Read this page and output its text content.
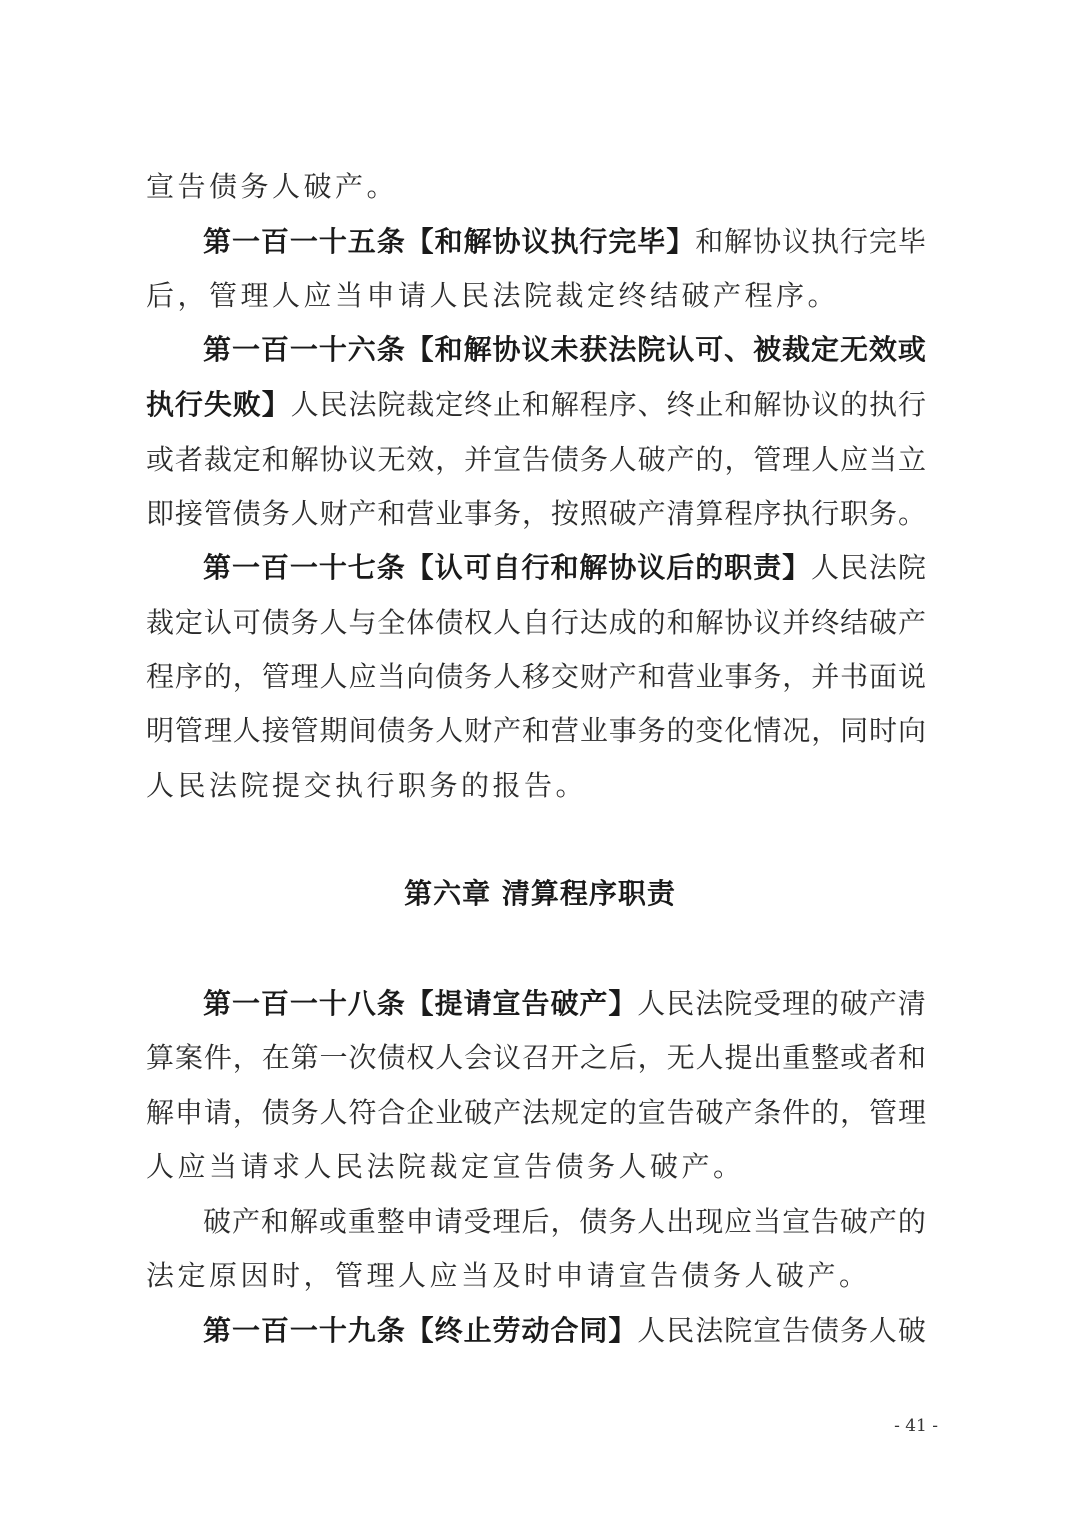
宣告债务人破产。
第 一 百 一 十 五 条 【 和 解 协 议 执 行 完 毕 】 和 解 协 议 执 行 完 毕
后，管理人应当申请人民法院裁定终结破产程序。
第 一 百 一 十 六 条 【 和 解 协 议 未 获 法 院 认 可 、 被 裁 定 无 效 或
执 行 失 败 】 人 民 法 院 裁 定 终 止 和 解 程 序 、 终 止 和 解 协 议 的 执 行
或 者 裁 定 和 解 协 议 无 效 ， 并 宣 告 债 务 人 破 产 的 ， 管 理 人 应 当 立
即 接 管 债 务 人 财 产 和 营 业 事 务 ， 按 照 破 产 清 算 程 序 执 行 职 务 。
第 一 百 一 十 七 条 【 认 可 自 行 和 解 协 议 后 的 职 责 】 人 民 法 院
裁 定 认 可 债 务 人 与 全 体 债 权 人 自 行 达 成 的 和 解 协 议 并 终 结 破 产
程 序 的 ， 管 理 人 应 当 向 债 务 人 移 交 财 产 和 营 业 事 务 ， 并 书 面 说
明 管 理 人 接 管 期 间 债 务 人 财 产 和 营 业 事 务 的 变 化 情 况 ， 同 时 向
人民法院提交执行职务的报告。
第六章 清算程序职责
第 一 百 一 十 八 条 【 提 请 宣 告 破 产 】 人 民 法 院 受 理 的 破 产 清
算 案 件 ， 在 第 一 次 债 权 人 会 议 召 开 之 后 ， 无 人 提 出 重 整 或 者 和
解 申 请 ， 债 务 人 符 合 企 业 破 产 法 规 定 的 宣 告 破 产 条 件 的 ， 管 理
人应当请求人民法院裁定宣告债务人破产。
破 产 和 解 或 重 整 申 请 受 理 后 ， 债 务 人 出 现 应 当 宣 告 破 产 的
法定原因时，管理人应当及时申请宣告债务人破产。
第 一 百 一 十 九 条 【 终 止 劳 动 合 同 】 人 民 法 院 宣 告 债 务 人 破
- 41 -
